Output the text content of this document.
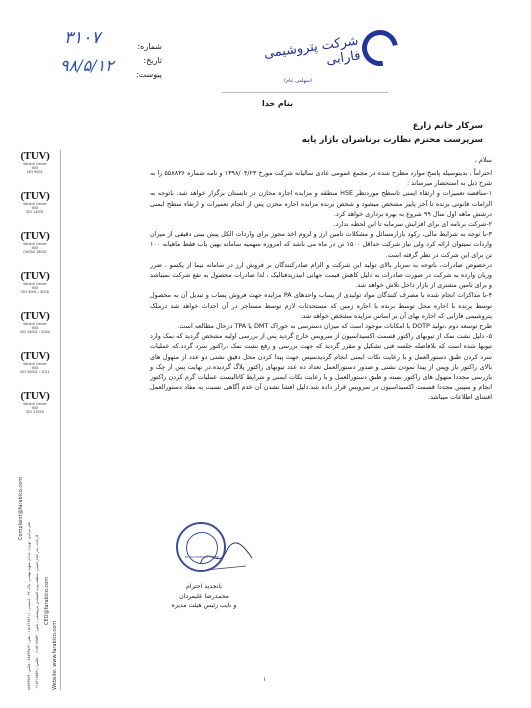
۳۱۰۷
۹۸/۵/۱۲
شماره:
تاریخ:
پیوست:
شرکت پتروشیمی فارابی
(سهامی عام)
بنام خدا
سرکار خانم زارع
سرپرست محترم نظارت برناشران بازار پایه

سلام ،

احتراماً ، بدینوسیله پاسخ موارد مطرح شده در مجمع عمومی عادی سالیانه شرکت مورخ ۱۳۹۸/۰۴/۲۳ و نامه شماره ۵۵۸۸۳۶ را به شرح ذیل به استحضار میرساند :

۱-مناقصه تعمیرات و ارتقاء ایمنی تاسطح موردنظر HSE منطقه و مزایده اجاره مخازن در تابستان برگزار خواهد شد. باتوجه به الزامات قانونی برنده تا آخر پاییز مشخص میشود و شخص برنده مزایده اجاره مخزن پس از انجام تعمیرات و ارتقاء سطح ایمنی درشش ماهه اول سال ۹۹ شروع به بهره برداری خواهد کرد.

۲-شرکت برنامه ای برای افزایش سرمایه تا این لحظه ندارد.

۳-با توجه به شرایط مالی، رکود بازارمسائل و مشکلات تامین ارز و لزوم اخذ مجوز برای واردات الکل پیش بینی دقیقی از میزان واردات نمیتوان ارائه کرد ولی نیاز شرکت حداقل ۱۵۰۰ تن در ماه می باشد که امروزه سهمیه سامانه بهین یاب فقط ماهیانه ۱۰۰ تن برای این شرکت در نظر گرفته است.

درخصوص صادرات، باتوجه به سربار بالای تولید این شرکت و الزام صادرکنندگان بر فروش ارز در سامانه نیما از یکسو ، ضرر وزیان وارده به شرکت در صورت صادرات به دلیل کاهش قیمت جهانی انیدریدفتالیک ، لذا صادرات محصول به نفع شرکت نمیباشد و برای تامین مشتری از بازار داخل تلاش خواهد شد.

۴-با مذاکرات انجام شده با مصرف کنندگان مواد تولیدی از پساب واحدهای PA مزایده جهت فروش پساب و تبدیل آن به محصول توسط برنده با اجاره محل توسط برنده با اجاره زمین که مستحدثات لازم توسط مستاجر در آن احداث خواهد شد درملک پتروشیمی فارابی که اجاره بهای آن بر اساس مزایده مشخص خواهد شد.

طرح توسعه دوم ،تولید DOTP با امکانات موجود است که میزان دسترسی به خوراک DMT یا TPA درحال مطالعه است.

۵- دلیل نشت نمک از تیوبهای راکتور قسمت اکسیداسیون از سرویس خارج گردید پس از بررسی اولیه مشخص گردید که نمک وارد تیوبها شده است که بلافاصله جلسه فنی تشکیل و مقرر گردید که جهت بررسی و رفع نشت نمک ،راکتور سرد گردد.که عملیات سرد کردن طبق دستورالعمل و با رعایت نکات ایمنی انجام گردیدسپس جهت پیدا کردن محل دقیق نشتی دو عدد از منهول های بالای راکتور باز وپس از پیدا نمودن نشتی و صدور دستورالعمل تعداد ده عدد تیوبهای راکتور پلاگ گردیده.در نهایت پس از چک و بازرسی مجددا منهول های راکتور بسته و طبق دستورالعمل و با رعایت نکات ایمنی و شرایط کاتالیست عملیات گرم کردن راکتور انجام و سپس مجددا قسمت اکسیداسیون در سرویس قرار داده شد.دلیل افشا نشدن آن عدم آگاهی نسبت به مفاد دستورالعمل افشای اطلاعات میباشد.

PETROCHEMICAL FARABI
باتجدید احترام
محمدرضا علیمردان
و نایب رئیس هیئت مدیره
۱
(TUV)
Service Center
ISIO
ISO 9001
(TUV)
Service Center
ISIO
ISO 14001
(TUV)
Service Center
ISIO
OHSAS 18001
(TUV)
Service Center
ISIO
ISO 9001 : 2008
(TUV)
Service Center
ISIO
ISO 14001 : 2004
(TUV)
Service Center
ISIO
ISO 50001 : 2011
(TUV)
Service Center
ISIO
ISO 17025
Complaint@farabico.com
دفتر مرکزی: تهران، خیابان شهید بهشتی، پلاک ۴۲ - کدپستی: ۱۵۱۳۶۶۵۶۱۱ - تلفن: ۸۸۷۴۳۵۶۲ - فکس: ۸۸۷۴۳۵۶۳
کارخانه: بندر امام خمینی، منطقه ویژه اقتصادی پتروشیمی - تلفن: ۰۶۱۵۲۱۲۵۵۴۰ - فکس: ۰۶۱۵۲۱۲۵۵۴۱ CEO@farabico.com
Website: www.farabico.com
